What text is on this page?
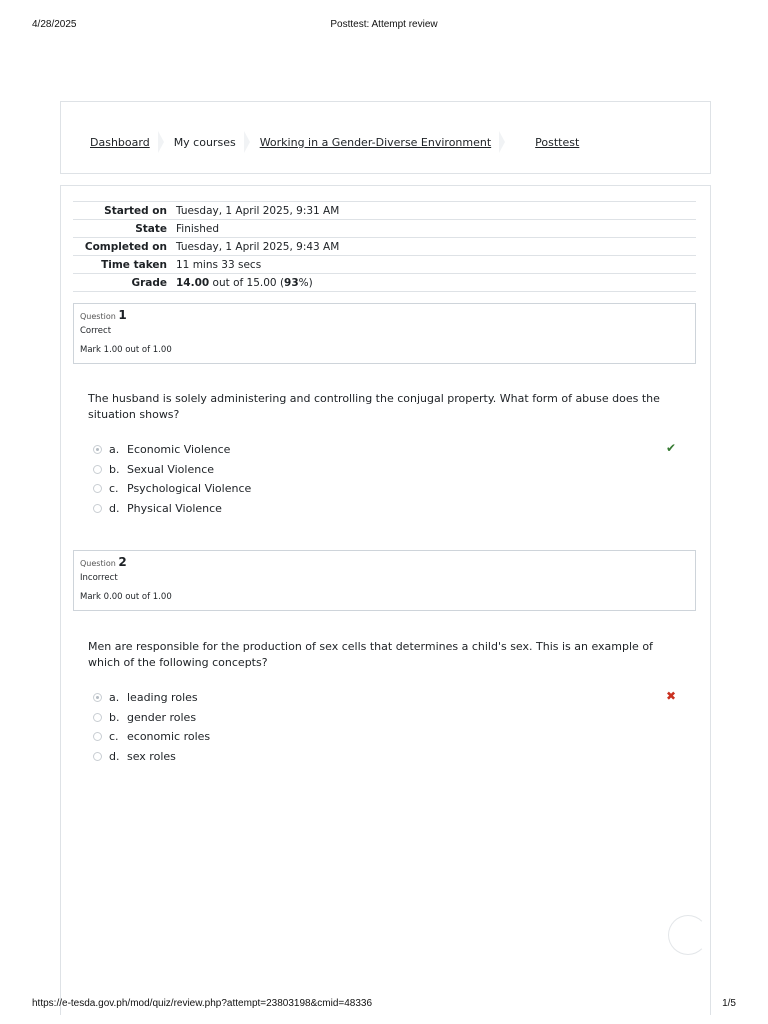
4/28/2025	Posttest: Attempt review
Dashboard My courses Working in a Gender-Diverse Environment	Posttest
Started on	Tuesday, 1 April 2025, 9:31 AM
State	Finished
Completed on	Tuesday, 1 April 2025, 9:43 AM
Time taken	11 mins 33 secs
Grade	14.00 out of 15.00 (93%)
Question 1
Correct
Mark 1.00 out of 1.00
The husband is solely administering and controlling the conjugal property. What form of abuse does the situation shows?
a. Economic Violence	✔
b. Sexual Violence
c. Psychological Violence
d. Physical Violence
Question 2
Incorrect
Mark 0.00 out of 1.00
Men are responsible for the production of sex cells that determines a child's sex. This is an example of which of the following concepts?
a. leading roles	✖
b. gender roles
c. economic roles
d. sex roles
https://e-tesda.gov.ph/mod/quiz/review.php?attempt=23803198&cmid=48336	1/5
